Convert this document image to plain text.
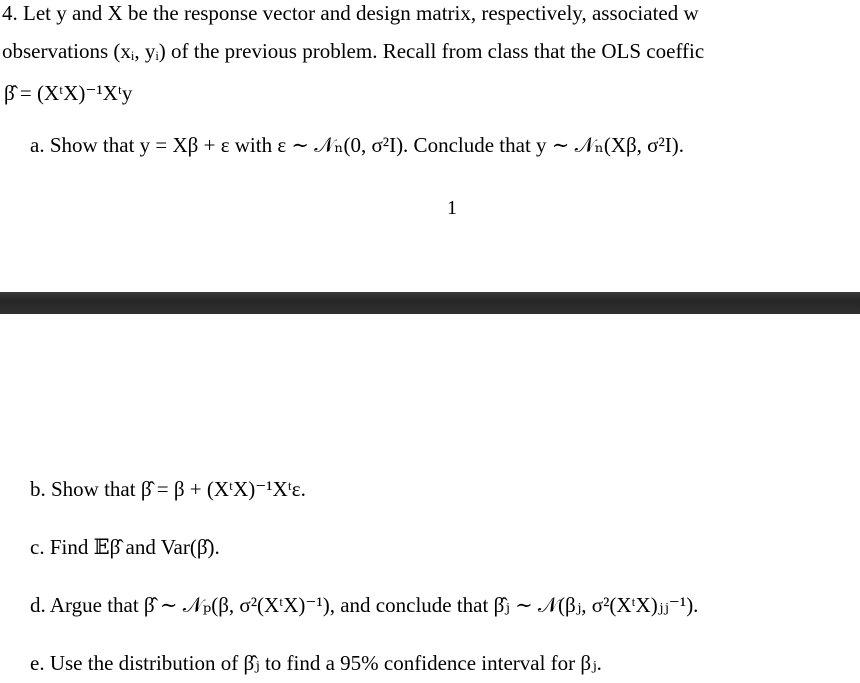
4. Let y and X be the response vector and design matrix, respectively, associated w
observations (xᵢ, yᵢ) of the previous problem. Recall from class that the OLS coeffic
β̂ = (XᵗX)⁻¹Xᵗy
a. Show that y = Xβ + ε with ε ∼ 𝒩ₙ(0, σ²I). Conclude that y ∼ 𝒩ₙ(Xβ, σ²I).
1
b. Show that β̂ = β + (XᵗX)⁻¹Xᵗε.
c. Find 𝔼β̂ and Var(β̂).
d. Argue that β̂ ∼ 𝒩ₚ(β, σ²(XᵗX)⁻¹), and conclude that β̂ⱼ ∼ 𝒩(βⱼ, σ²(XᵗX)ⱼⱼ⁻¹).
e. Use the distribution of β̂ⱼ to find a 95% confidence interval for βⱼ.
